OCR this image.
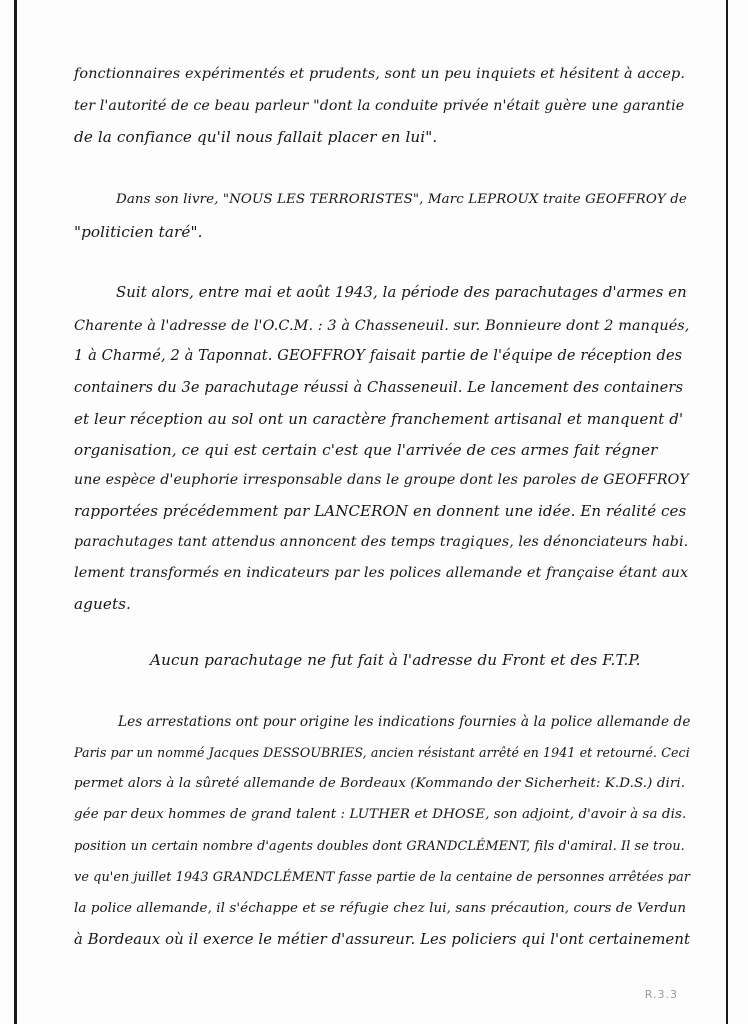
fonctionnaires expérimentés et prudents, sont un peu inquiets et hésitent à accep.
ter l'autorité de ce beau parleur "dont la conduite privée n'était guère une garantie
de la confiance qu'il nous fallait placer en lui".
Dans son livre, "NOUS LES TERRORISTES", Marc LEPROUX traite GEOFFROY de
"politicien taré".
Suit alors, entre mai et août 1943, la période des parachutages d'armes en
Charente à l'adresse de l'O.C.M. : 3 à Chasseneuil. sur. Bonnieure dont 2 manqués,
1 à Charmé, 2 à Taponnat. GEOFFROY faisait partie de l'équipe de réception des
containers du 3e parachutage réussi à Chasseneuil. Le lancement des containers
et leur réception au sol ont un caractère franchement artisanal et manquent d'
organisation, ce qui est certain c'est que l'arrivée de ces armes fait régner
une espèce d'euphorie irresponsable dans le groupe dont les paroles de GEOFFROY
rapportées précédemment par LANCERON en donnent une idée. En réalité ces
parachutages tant attendus annoncent des temps tragiques, les dénonciateurs habi.
lement transformés en indicateurs par les polices allemande et française étant aux
aguets.
Aucun parachutage ne fut fait à l'adresse du Front et des F.T.P.
Les arrestations ont pour origine les indications fournies à la police allemande de
Paris par un nommé Jacques DESSOUBRIES, ancien résistant arrêté en 1941 et retourné. Ceci
permet alors à la sûreté allemande de Bordeaux (Kommando der Sicherheit: K.D.S.) diri.
gée par deux hommes de grand talent : LUTHER et DHOSE, son adjoint, d'avoir à sa dis.
position un certain nombre d'agents doubles dont GRANDCLÉMENT, fils d'amiral. Il se trou.
ve qu'en juillet 1943 GRANDCLÉMENT fasse partie de la centaine de personnes arrêtées par
la police allemande, il s'échappe et se réfugie chez lui, sans précaution, cours de Verdun
à Bordeaux où il exerce le métier d'assureur. Les policiers qui l'ont certainement
R.3.3
